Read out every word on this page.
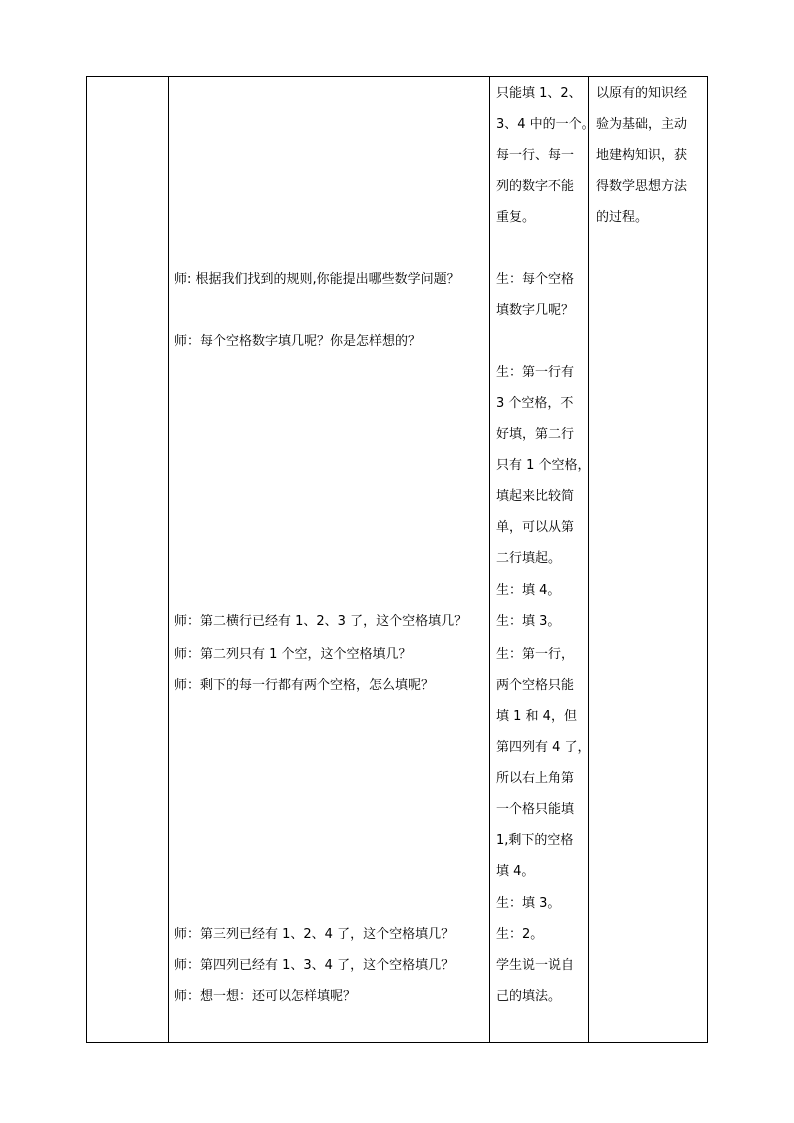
师: 根据我们找到的规则,你能提出哪些数学问题？
师：每个空格数字填几呢？你是怎样想的？
师：第二横行已经有 1、2、3 了，这个空格填几？
师：第二列只有 1 个空，这个空格填几？
师：剩下的每一行都有两个空格，怎么填呢？
师：第三列已经有 1、2、4 了，这个空格填几？
师：第四列已经有 1、3、4 了，这个空格填几？
师：想一想：还可以怎样填呢？
只能填 1、2、
3、4 中的一个。
每一行、每一
列的数字不能
重复。
生：每个空格
填数字几呢？
生：第一行有
3 个空格，不
好填，第二行
只有 1 个空格，
填起来比较简
单，可以从第
二行填起。
生：填 4。
生：填 3。
生：第一行，
两个空格只能
填 1 和 4，但
第四列有 4 了，
所以右上角第
一个格只能填
1,剩下的空格
填 4。
生：填 3。
生：2。
学生说一说自
己的填法。
以原有的知识经
验为基础，主动
地建构知识，获
得数学思想方法
的过程。
